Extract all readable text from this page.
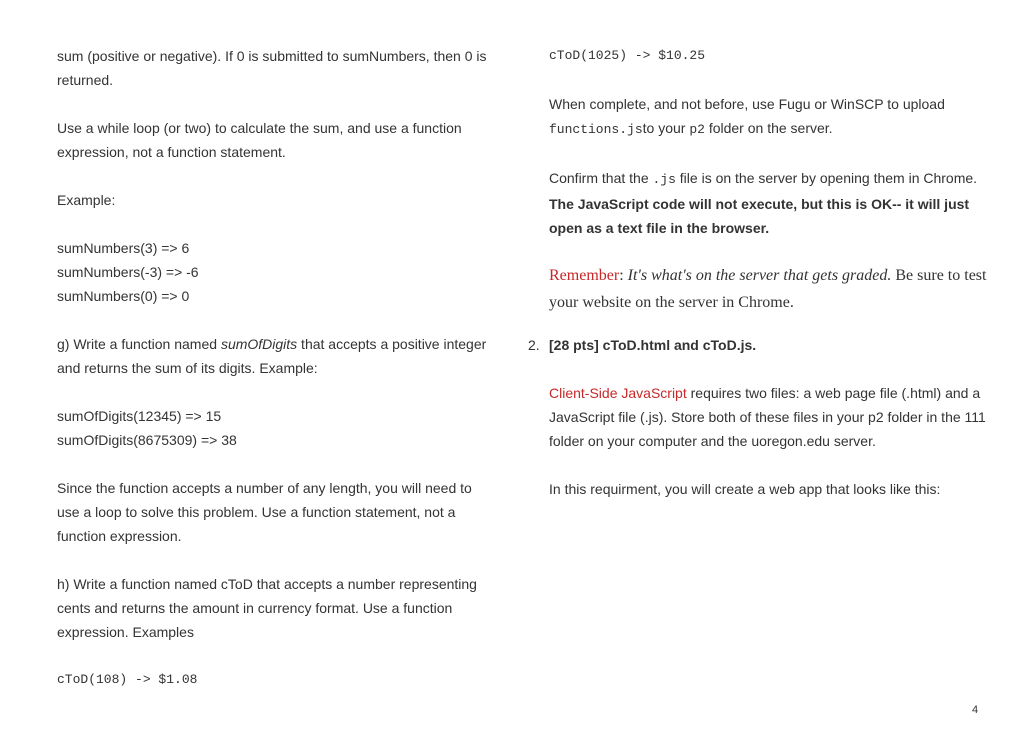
sum (positive or negative). If 0 is submitted to sumNumbers, then 0 is returned.

Use a while loop (or two) to calculate the sum, and use a function expression, not a function statement.

Example:

sumNumbers(3) => 6

sumNumbers(-3) => -6

sumNumbers(0) => 0

g) Write a function named sumOfDigits that accepts a positive integer and returns the sum of its digits. Example:

sumOfDigits(12345) => 15

sumOfDigits(8675309) => 38

Since the function accepts a number of any length, you will need to use a loop to solve this problem. Use a function statement, not a function expression.

h) Write a function named cToD that accepts a number representing cents and returns the amount in currency format. Use a function expression. Examples

cToD(108) -> $1.08

cToD(1025) -> $10.25

When complete, and not before, use Fugu or WinSCP to upload functions.jsto your p2 folder on the server.

Confirm that the .js file is on the server by opening them in Chrome. The JavaScript code will not execute, but this is OK-- it will just open as a text file in the browser.

Remember: It's what's on the server that gets graded. Be sure to test your website on the server in Chrome.

2. [28 pts] cToD.html and cToD.js.

Client-Side JavaScript requires two files: a web page file (.html) and a JavaScript file (.js). Store both of these files in your p2 folder in the 111 folder on your computer and the uoregon.edu server.

In this requirment, you will create a web app that looks like this:

4
